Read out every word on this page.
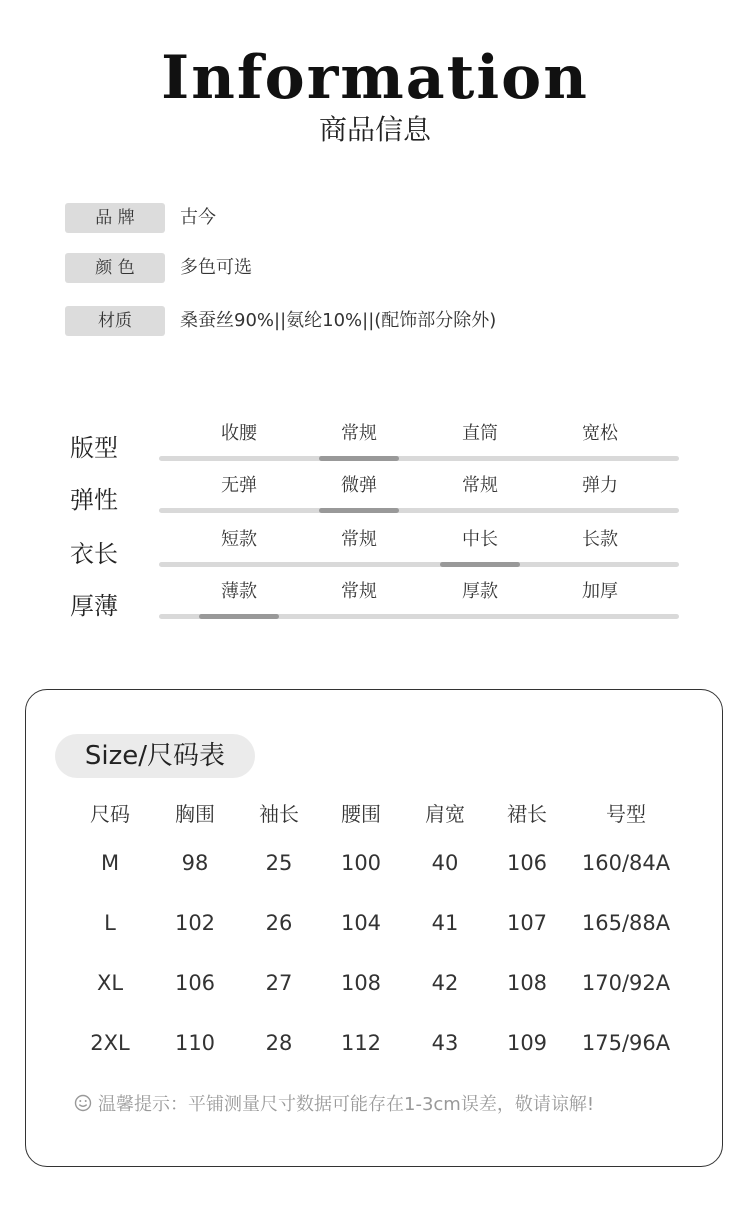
Information
商品信息
品 牌	古今
颜 色	多色可选
材质	桑蚕丝90%||氨纶10%||(配饰部分除外)
版型
收腰	常规	直筒	宽松
弹性
无弹	微弹	常规	弹力
衣长
短款	常规	中长	长款
厚薄
薄款	常规	厚款	加厚
Size/尺码表
尺码	胸围	袖长	腰围	肩宽	裙长	号型
M	98	25	100	40	106	160/84A
L	102	26	104	41	107	165/88A
XL	106	27	108	42	108	170/92A
2XL	110	28	112	43	109	175/96A
温馨提示：平铺测量尺寸数据可能存在1-3cm误差，敬请谅解!
